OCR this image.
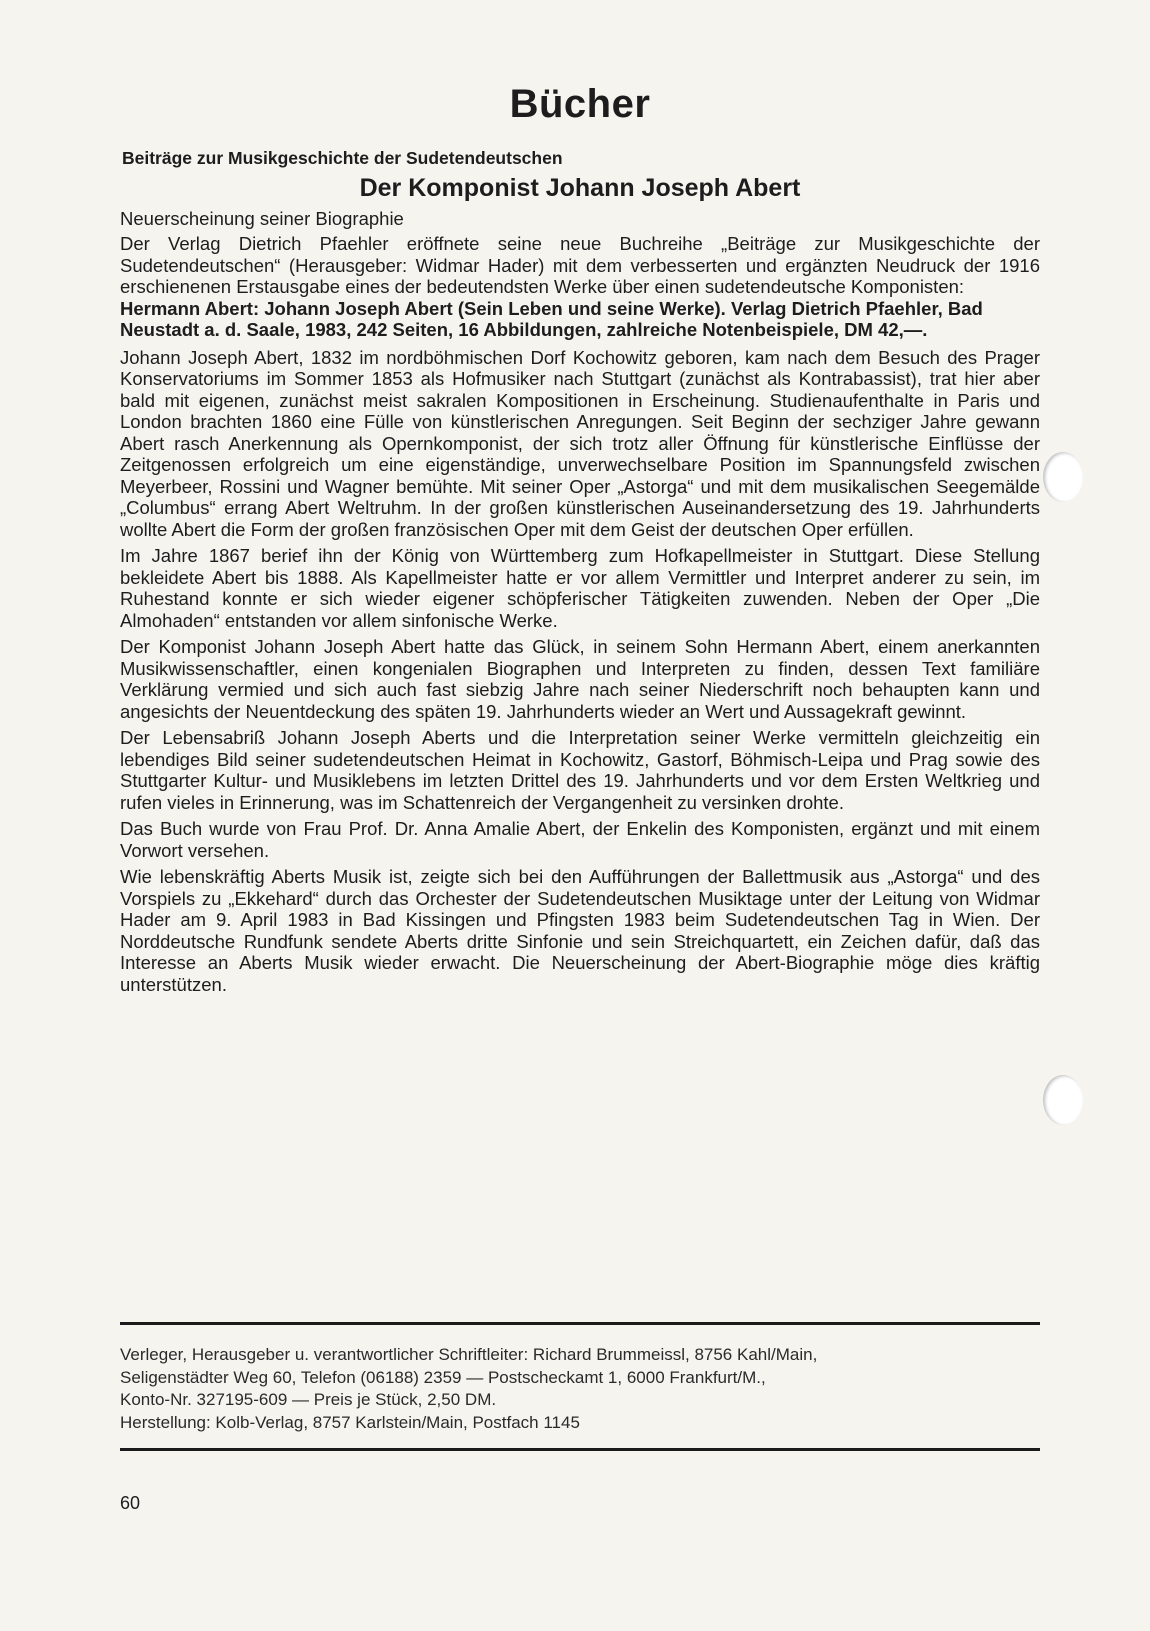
Bücher
Beiträge zur Musikgeschichte der Sudetendeutschen
Der Komponist Johann Joseph Abert
Neuerscheinung seiner Biographie

Der Verlag Dietrich Pfaehler eröffnete seine neue Buchreihe „Beiträge zur Musikgeschichte der Sudetendeutschen“ (Herausgeber: Widmar Hader) mit dem verbesserten und ergänzten Neudruck der 1916 erschienenen Erstausgabe eines der bedeutendsten Werke über einen sudetendeutsche Komponisten:

Hermann Abert: Johann Joseph Abert (Sein Leben und seine Werke). Verlag Dietrich Pfaehler, Bad Neustadt a. d. Saale, 1983, 242 Seiten, 16 Abbildungen, zahlreiche Notenbeispiele, DM 42,—.

Johann Joseph Abert, 1832 im nordböhmischen Dorf Kochowitz geboren, kam nach dem Besuch des Prager Konservatoriums im Sommer 1853 als Hofmusiker nach Stuttgart (zunächst als Kontrabassist), trat hier aber bald mit eigenen, zunächst meist sakralen Kompositionen in Erscheinung. Studienaufenthalte in Paris und London brachten 1860 eine Fülle von künstlerischen Anregungen. Seit Beginn der sechziger Jahre gewann Abert rasch Anerkennung als Opernkomponist, der sich trotz aller Öffnung für künstlerische Einflüsse der Zeitgenossen erfolgreich um eine eigenständige, unverwechselbare Position im Spannungsfeld zwischen Meyerbeer, Rossini und Wagner bemühte. Mit seiner Oper „Astorga“ und mit dem musikalischen Seegemälde „Columbus“ errang Abert Weltruhm. In der großen künstlerischen Auseinandersetzung des 19. Jahrhunderts wollte Abert die Form der großen französischen Oper mit dem Geist der deutschen Oper erfüllen.

Im Jahre 1867 berief ihn der König von Württemberg zum Hofkapellmeister in Stuttgart. Diese Stellung bekleidete Abert bis 1888. Als Kapellmeister hatte er vor allem Vermittler und Interpret anderer zu sein, im Ruhestand konnte er sich wieder eigener schöpferischer Tätigkeiten zuwenden. Neben der Oper „Die Almohaden“ entstanden vor allem sinfonische Werke.

Der Komponist Johann Joseph Abert hatte das Glück, in seinem Sohn Hermann Abert, einem anerkannten Musikwissenschaftler, einen kongenialen Biographen und Interpreten zu finden, dessen Text familiäre Verklärung vermied und sich auch fast siebzig Jahre nach seiner Niederschrift noch behaupten kann und angesichts der Neuentdeckung des späten 19. Jahrhunderts wieder an Wert und Aussagekraft gewinnt.

Der Lebensabriß Johann Joseph Aberts und die Interpretation seiner Werke vermitteln gleichzeitig ein lebendiges Bild seiner sudetendeutschen Heimat in Kochowitz, Gastorf, Böhmisch-Leipa und Prag sowie des Stuttgarter Kultur- und Musiklebens im letzten Drittel des 19. Jahrhunderts und vor dem Ersten Weltkrieg und rufen vieles in Erinnerung, was im Schattenreich der Vergangenheit zu versinken drohte.

Das Buch wurde von Frau Prof. Dr. Anna Amalie Abert, der Enkelin des Komponisten, ergänzt und mit einem Vorwort versehen.

Wie lebenskräftig Aberts Musik ist, zeigte sich bei den Aufführungen der Ballettmusik aus „Astorga“ und des Vorspiels zu „Ekkehard“ durch das Orchester der Sudetendeutschen Musiktage unter der Leitung von Widmar Hader am 9. April 1983 in Bad Kissingen und Pfingsten 1983 beim Sudetendeutschen Tag in Wien. Der Norddeutsche Rundfunk sendete Aberts dritte Sinfonie und sein Streichquartett, ein Zeichen dafür, daß das Interesse an Aberts Musik wieder erwacht. Die Neuerscheinung der Abert-Biographie möge dies kräftig unterstützen.

Verleger, Herausgeber u. verantwortlicher Schriftleiter: Richard Brummeissl, 8756 Kahl/Main,
Seligenstädter Weg 60, Telefon (06188) 2359 — Postscheckamt 1, 6000 Frankfurt/M.,
Konto-Nr. 327195-609 — Preis je Stück, 2,50 DM.
Herstellung: Kolb-Verlag, 8757 Karlstein/Main, Postfach 1145
60
